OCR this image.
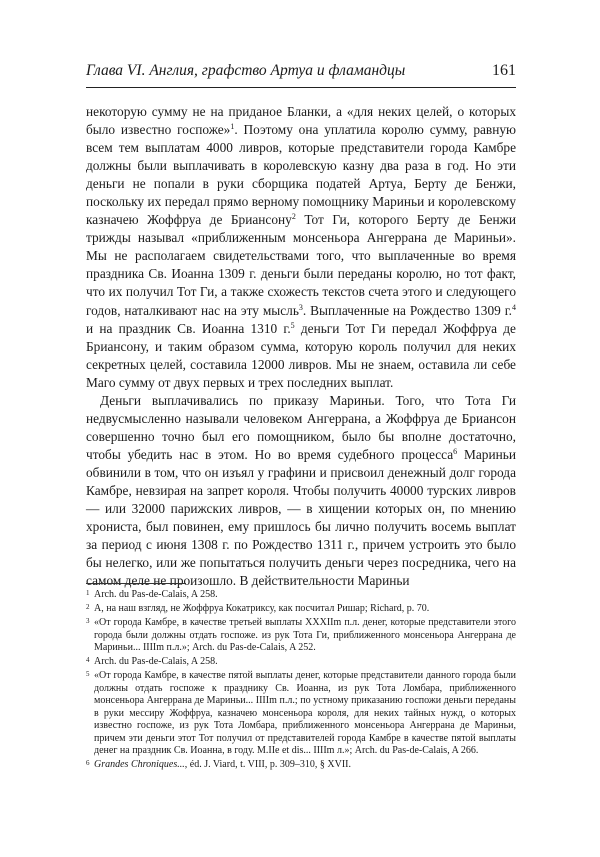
Глава VI. Англия, графство Артуа и фламандцы	161

некоторую сумму не на приданое Бланки, а «для неких целей, о которых было известно госпоже»$^1$. Поэтому она уплатила королю сумму, равную всем тем выплатам 4000 ливров, которые представители города Камбре должны были выплачивать в королевскую казну два раза в год. Но эти деньги не попали в руки сборщика податей Артуа, Берту де Бенжи, поскольку их передал прямо верному помощнику Мариньи и королевскому казначею Жоффруа де Бриансону$^2$ Тот Ги, которого Берту де Бенжи трижды называл «приближенным монсеньора Ангеррана де Мариньи». Мы не располагаем свидетельствами того, что выплаченные во время праздника Св. Иоанна 1309 г. деньги были переданы королю, но тот факт, что их получил Тот Ги, а также схожесть текстов счета этого и следующего годов, наталкивают нас на эту мысль$^3$. Выплаченные на Рождество 1309 г.$^4$ и на праздник Св. Иоанна 1310 г.$^5$ деньги Тот Ги передал Жоффруа де Бриансону, и таким образом сумма, которую король получил для неких секретных целей, составила 12000 ливров. Мы не знаем, оставила ли себе Маго сумму от двух первых и трех последних выплат.

Деньги выплачивались по приказу Мариньи. Того, что Тота Ги недвусмысленно называли человеком Ангеррана, а Жоффруа де Бриансон совершенно точно был его помощником, было бы вполне достаточно, чтобы убедить нас в этом. Но во время судебного процесса$^6$ Мариньи обвинили в том, что он изъял у графини и присвоил денежный долг города Камбре, невзирая на запрет короля. Чтобы получить 40000 турских ливров — или 32000 парижских ливров, — в хищении которых он, по мнению хрониста, был повинен, ему пришлось бы лично получить восемь выплат за период с июня 1308 г. по Рождество 1311 г., причем устроить это было бы нелегко, или же попытаться получить деньги через посредника, чего на самом деле не произошло. В действительности Мариньи

1 Arch. du Pas-de-Calais, A 258.
2 А, на наш взгляд, не Жоффруа Кокатриксу, как посчитал Ришар; Richard, p. 70.
3 «От города Камбре, в качестве третьей выплаты XXXIIm п.л. денег, которые представители этого города были должны отдать госпоже. из рук Тота Ги, приближенного монсеньора Ангеррана де Мариньи... IIIIm п.л.»; Arch. du Pas-de-Calais, A 252.
4 Arch. du Pas-de-Calais, A 258.
5 «От города Камбре, в качестве пятой выплаты денег, которые представители данного города были должны отдать госпоже к празднику Св. Иоанна, из рук Тота Ломбара, приближенного монсеньора Ангеррана де Мариньи... IIIIm п.л.; по устному приказанию госпожи деньги переданы в руки мессиру Жоффруа, казначею монсеньора короля, для неких тайных нужд, о которых известно госпоже, из рук Тота Ломбара, приближенного монсеньора Ангеррана де Мариньи, причем эти деньги этот Тот получил от представителей города Камбре в качестве пятой выплаты денег на праздник Св. Иоанна, в году. M.IIe et dis... IIIIm л.»; Arch. du Pas-de-Calais, A 266.
6 Grandes Chroniques..., éd. J. Viard, t. VIII, p. 309–310, § XVII.
